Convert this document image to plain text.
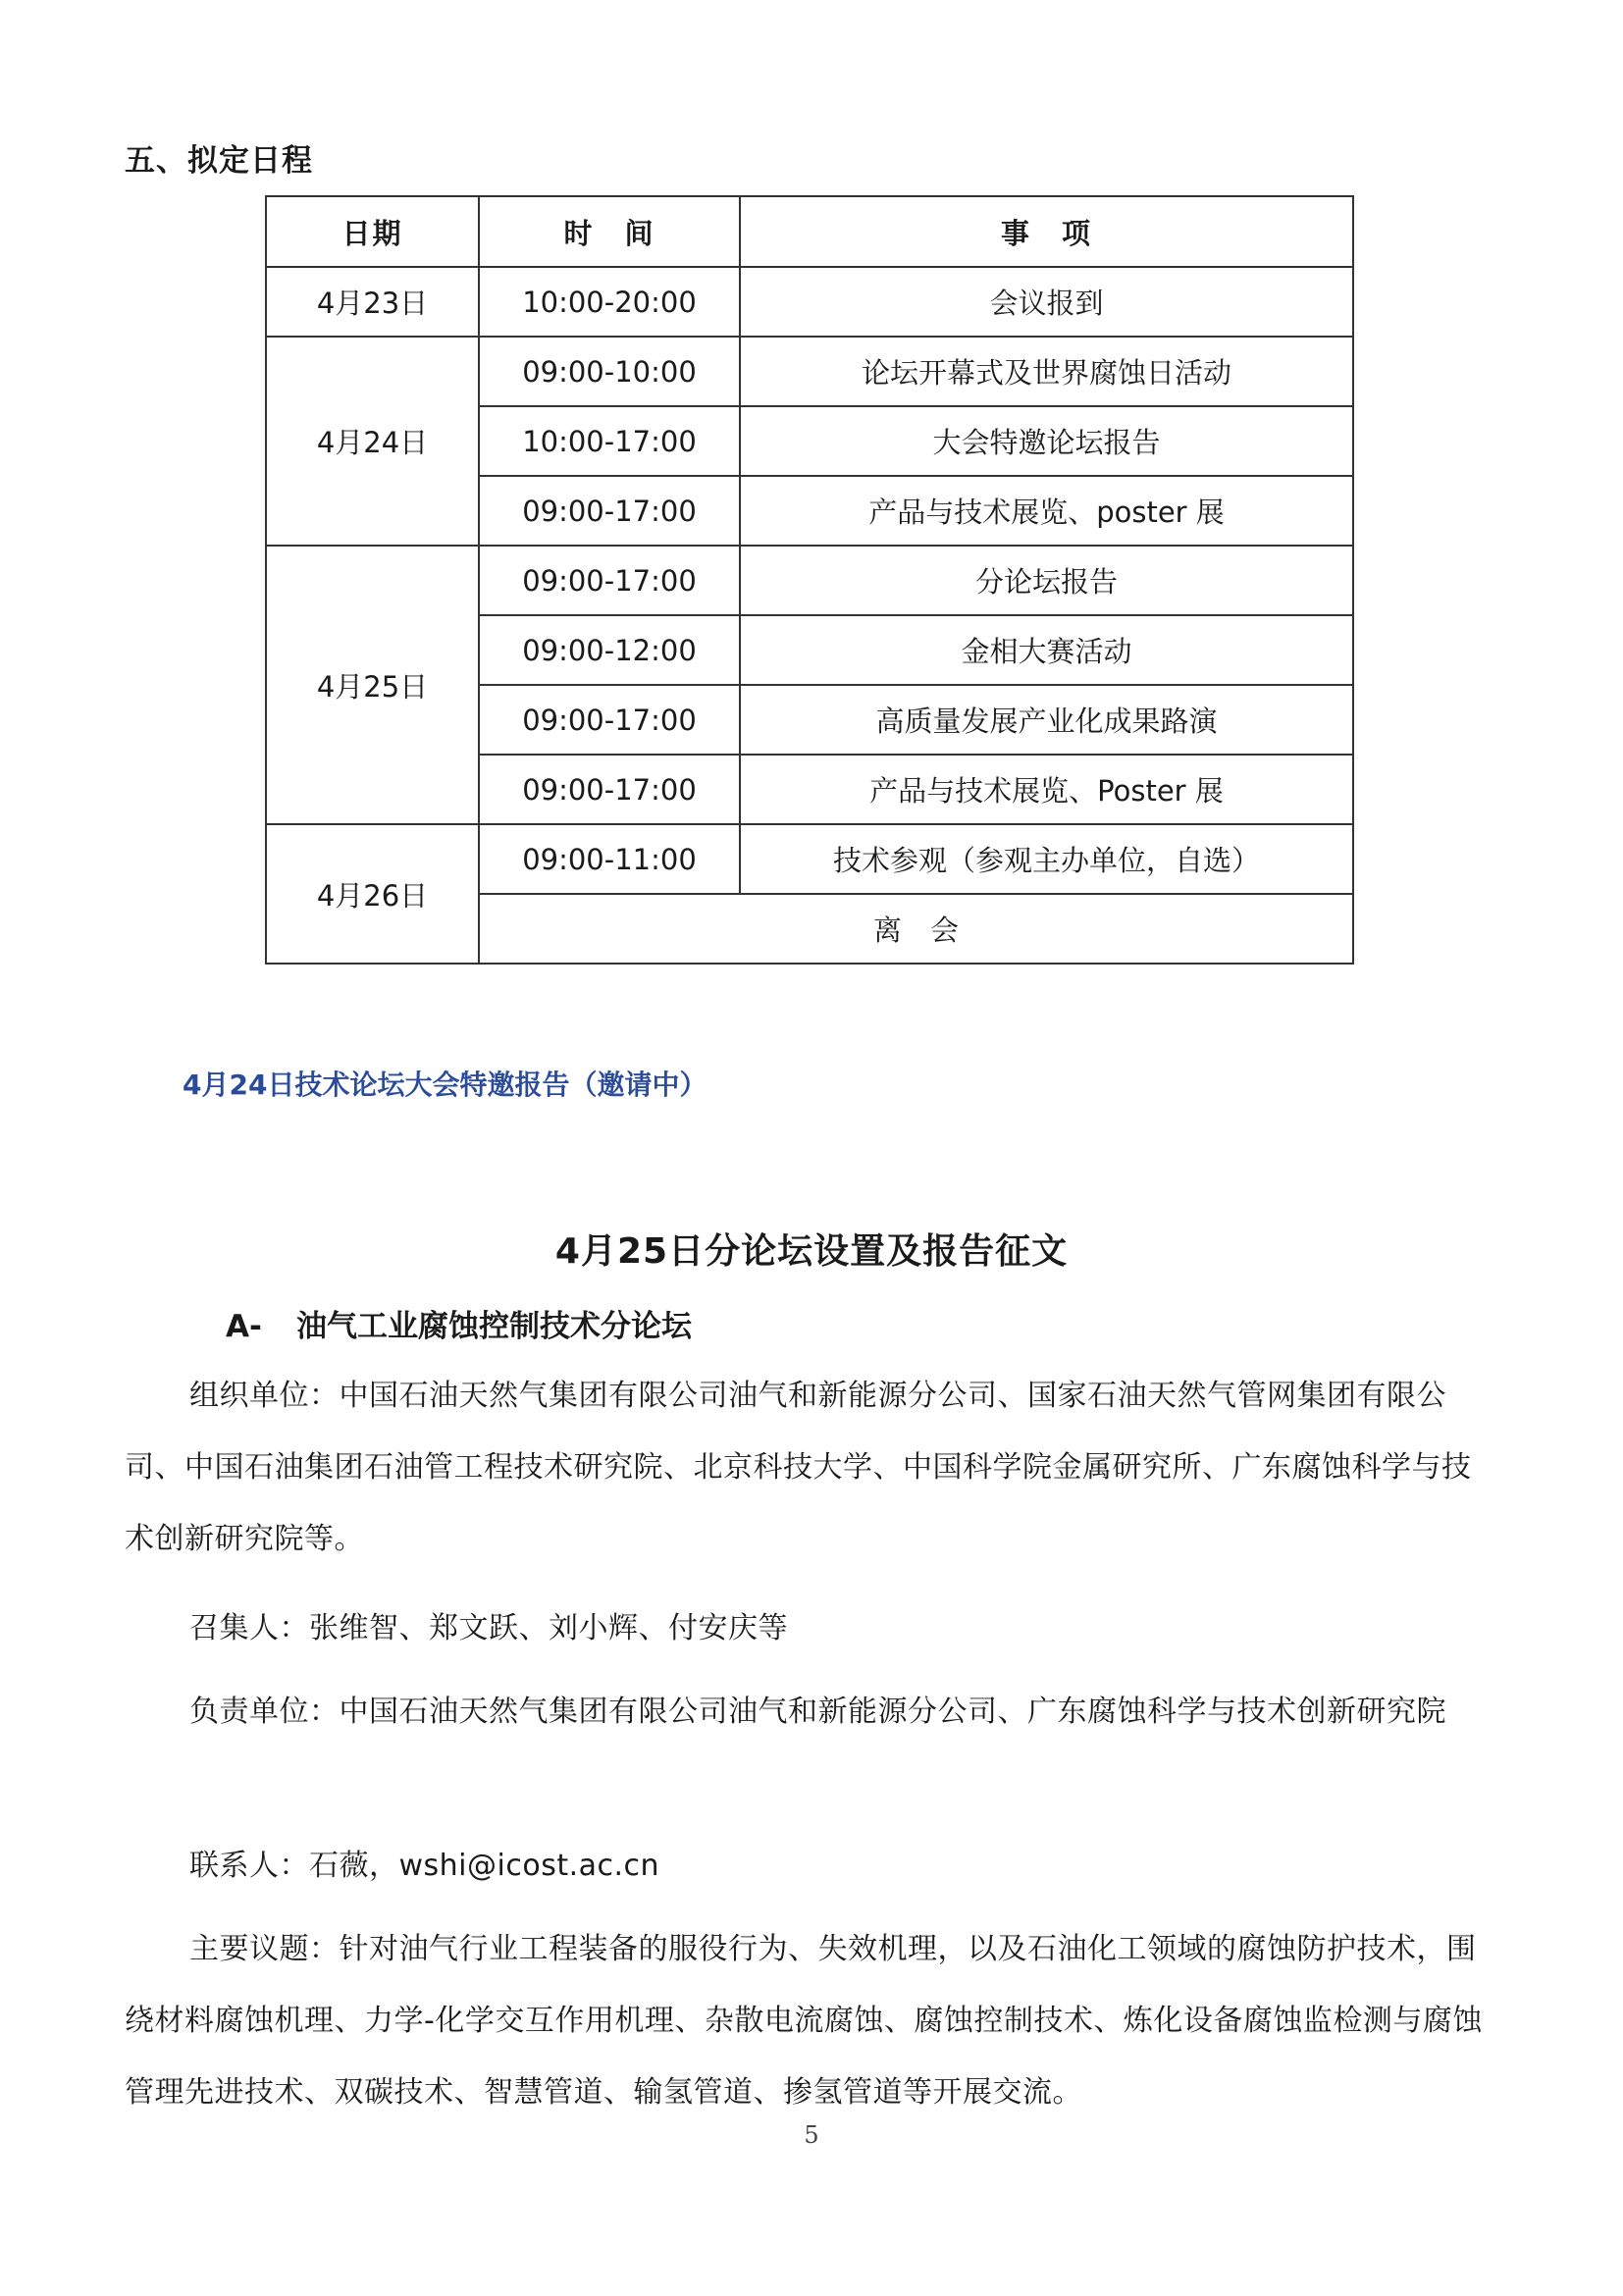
五、拟定日程
日期	时　间	事　项
4月23日	10:00-20:00	会议报到
4月24日	09:00-10:00	论坛开幕式及世界腐蚀日活动
	10:00-17:00	大会特邀论坛报告
	09:00-17:00	产品与技术展览、poster 展
4月25日	09:00-17:00	分论坛报告
	09:00-12:00	金相大赛活动
	09:00-17:00	高质量发展产业化成果路演
	09:00-17:00	产品与技术展览、Poster 展
4月26日	09:00-11:00	技术参观（参观主办单位，自选）
	离　会	
4月24日技术论坛大会特邀报告（邀请中）
4月25日分论坛设置及报告征文
A- 油气工业腐蚀控制技术分论坛
组织单位：中国石油天然气集团有限公司油气和新能源分公司、国家石油天然气管网集团有限公司、中国石油集团石油管工程技术研究院、北京科技大学、中国科学院金属研究所、广东腐蚀科学与技术创新研究院等。
召集人：张维智、郑文跃、刘小辉、付安庆等
负责单位：中国石油天然气集团有限公司油气和新能源分公司、广东腐蚀科学与技术创新研究院
联系人：石薇，wshi@icost.ac.cn
主要议题：针对油气行业工程装备的服役行为、失效机理，以及石油化工领域的腐蚀防护技术，围绕材料腐蚀机理、力学-化学交互作用机理、杂散电流腐蚀、腐蚀控制技术、炼化设备腐蚀监检测与腐蚀管理先进技术、双碳技术、智慧管道、输氢管道、掺氢管道等开展交流。
5
